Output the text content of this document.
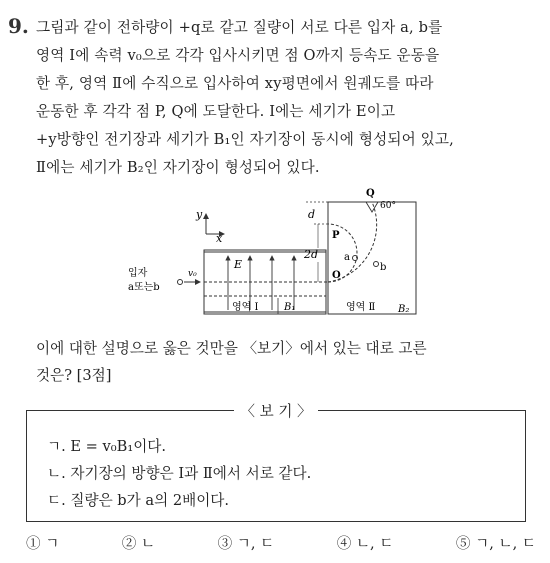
9. 그림과 같이 전하량이 +q로 같고 질량이 서로 다른 입자 a, b를
영역 Ⅰ에 속력 v₀으로 각각 입사시키면 점 O까지 등속도 운동을
한 후, 영역 Ⅱ에 수직으로 입사하여 xy평면에서 원궤도를 따라
운동한 후 각각 점 P, Q에 도달한다. Ⅰ에는 세기가 E이고
+y방향인 전기장과 세기가 B₁인 자기장이 동시에 형성되어 있고,
Ⅱ에는 세기가 B₂인 자기장이 형성되어 있다.
y
x
E
영역 Ⅰ	B₁
입자
a또는b
v₀
d
2d	a
b
Q
60°
P
O
영역 Ⅱ B₂
이에 대한 설명으로 옳은 것만을 〈보기〉에서 있는 대로 고른
것은? [3점]
〈 보 기 〉
ㄱ. E = v₀B₁이다.
ㄴ. 자기장의 방향은 Ⅰ과 Ⅱ에서 서로 같다.
ㄷ. 질량은 b가 a의 2배이다.
① ㄱ	② ㄴ	③ ㄱ, ㄷ	④ ㄴ, ㄷ	⑤ ㄱ, ㄴ, ㄷ
